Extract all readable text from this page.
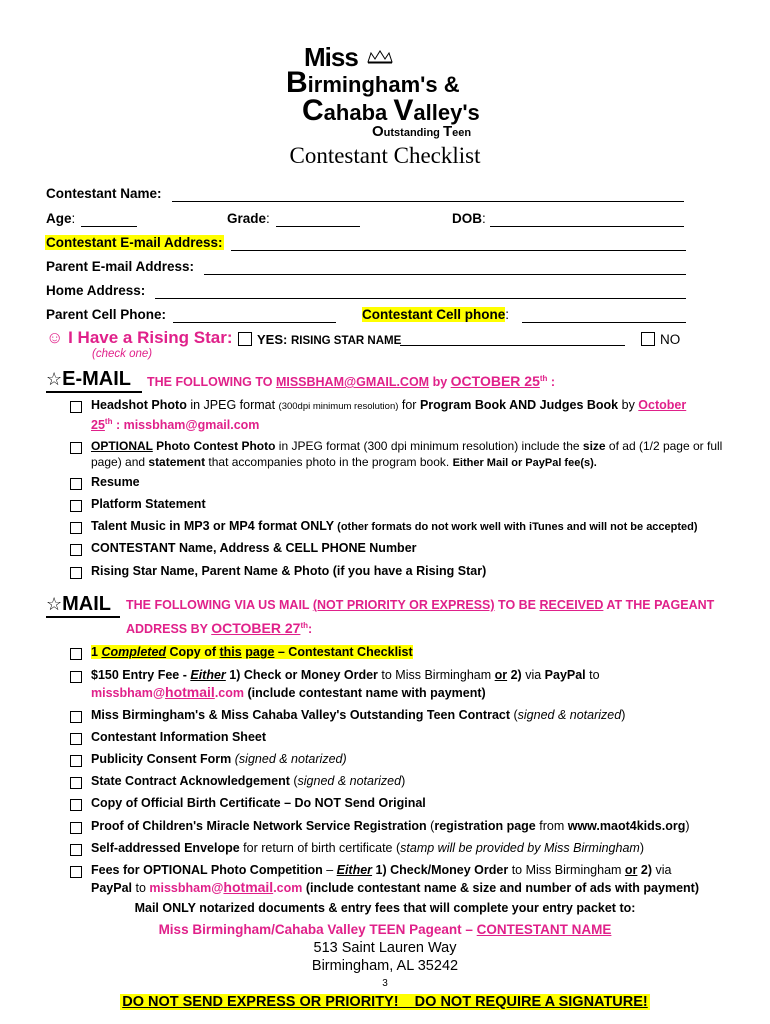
Miss
Birmingham's &
Cahaba Valley's
Outstanding Teen
Contestant Checklist
Contestant Name:
Age:	Grade:	DOB:
Contestant E-mail Address:
Parent E-mail Address:
Home Address:
Parent Cell Phone:	Contestant Cell phone:
☺ I Have a Rising Star: YES: RISING STAR NAME	NO
(check one)
☆E-MAIL THE FOLLOWING TO MISSBHAM@GMAIL.COM by OCTOBER 25th :
Headshot Photo in JPEG format (300dpi minimum resolution) for Program Book AND Judges Book by October
25th : missbham@gmail.com
OPTIONAL Photo Contest Photo in JPEG format (300 dpi minimum resolution) include the size of ad (1/2 page or full
page) and statement that accompanies photo in the program book. Either Mail or PayPal fee(s).
Resume
Platform Statement
Talent Music in MP3 or MP4 format ONLY (other formats do not work well with iTunes and will not be accepted)
CONTESTANT Name, Address & CELL PHONE Number
Rising Star Name, Parent Name & Photo (if you have a Rising Star)
☆MAIL THE FOLLOWING VIA US MAIL (NOT PRIORITY OR EXPRESS) TO BE RECEIVED AT THE PAGEANT
ADDRESS BY OCTOBER 27th:
1 Completed Copy of this page – Contestant Checklist
$150 Entry Fee - Either 1) Check or Money Order to Miss Birmingham or 2) via PayPal to
missbham@hotmail.com (include contestant name with payment)
Miss Birmingham's & Miss Cahaba Valley's Outstanding Teen Contract (signed & notarized)
Contestant Information Sheet
Publicity Consent Form (signed & notarized)
State Contract Acknowledgement (signed & notarized)
Copy of Official Birth Certificate – Do NOT Send Original
Proof of Children's Miracle Network Service Registration (registration page from www.maot4kids.org)
Self-addressed Envelope for return of birth certificate (stamp will be provided by Miss Birmingham)
Fees for OPTIONAL Photo Competition – Either 1) Check/Money Order to Miss Birmingham or 2) via
PayPal to missbham@hotmail.com (include contestant name & size and number of ads with payment)
Mail ONLY notarized documents & entry fees that will complete your entry packet to:
Miss Birmingham/Cahaba Valley TEEN Pageant – CONTESTANT NAME
513 Saint Lauren Way
Birmingham, AL 35242
3
DO NOT SEND EXPRESS OR PRIORITY!    DO NOT REQUIRE A SIGNATURE!
